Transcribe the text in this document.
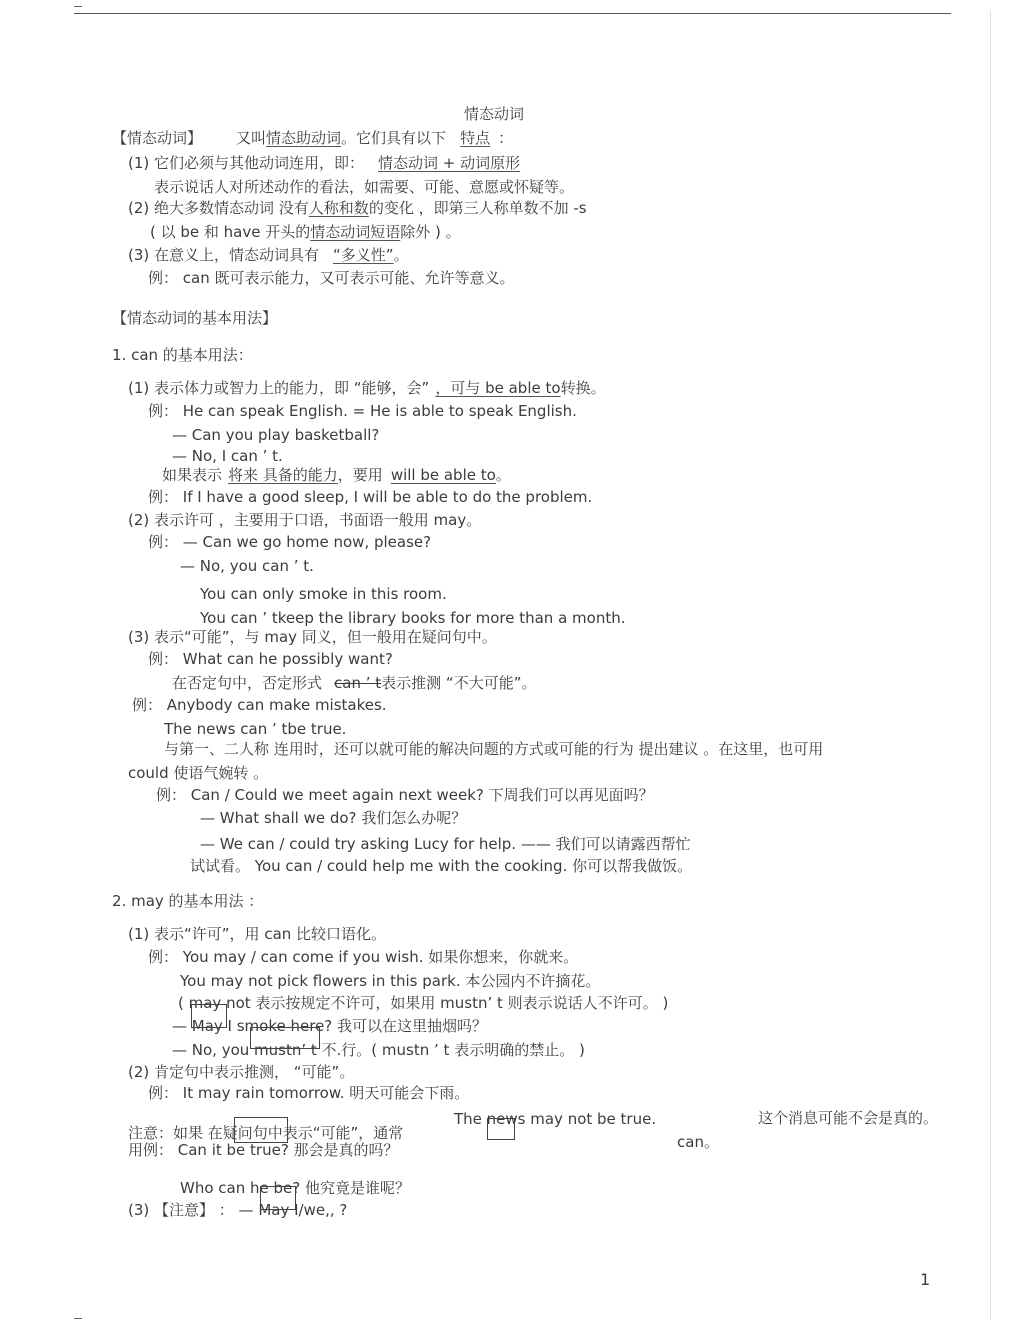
情态动词
【情态动词】 又叫情态助动词。它们具有以下 特点 ：
(1) 它们必须与其他动词连用，即： 情态动词 + 动词原形
表示说话人对所述动作的看法，如需要、可能、意愿或怀疑等。
(2) 绝大多数情态动词 没有人称和数的变化 ，即第三人称单数不加 -s
( 以 be 和 have 开头的情态动词短语除外 ) 。
(3) 在意义上，情态动词具有 “多义性”。
例： can 既可表示能力，又可表示可能、允许等意义。
【情态动词的基本用法】
1. can 的基本用法：
(1) 表示体力或智力上的能力，即 “能够，会” ，可与 be able to转换。
例： He can speak English. = He is able to speak English.
— Can you play basketball?
— No, I can ’ t.
如果表示 将来 具备的能力，要用 will be able to。
例： If I have a good sleep, I will be able to do the problem.
(2) 表示许可 ，主要用于口语，书面语一般用 may。
例： — Can we go home now, please?
— No, you can ’ t.
You can only smoke in this room.
You can ’ tkeep the library books for more than a month.
(3) 表示“可能”，与 may 同义，但一般用在疑问句中。
例： What can he possibly want?
在否定句中，否定形式 can ’ t表示推测 “不大可能”。
例： Anybody can make mistakes.
The news can ’ tbe true.
与第一、二人称 连用时，还可以就可能的解决问题的方式或可能的行为 提出建议 。在这里，也可用
could 使语气婉转 。
例： Can / Could we meet again next week? 下周我们可以再见面吗？
— What shall we do? 我们怎么办呢？
— We can / could try asking Lucy for help. —— 我们可以请露西帮忙
试试看。 You can / could help me with the cooking. 你可以帮我做饭。
2. may 的基本用法 ：
(1) 表示“许可”，用 can 比较口语化。
例： You may / can come if you wish. 如果你想来，你就来。
You may not pick flowers in this park. 本公园内不许摘花。
( may not 表示按规定不许可，如果用 mustn’ t 则表示说话人不许可。 )
— May I smoke here? 我可以在这里抽烟吗？
— No, you mustn’ t 不.行。( mustn ’ t 表示明确的禁止。 )
(2) 肯定句中表示推测， “可能”。
例： It may rain tomorrow. 明天可能会下雨。
The news may not be true.	这个消息可能不会是真的。
注意：如果 在疑问句中表示“可能”，通常	can。
用例： Can it be true? 那会是真的吗？
Who can he be? 他究竟是谁呢？
(3) 【注意】 ： — May I/we,, ?
1
